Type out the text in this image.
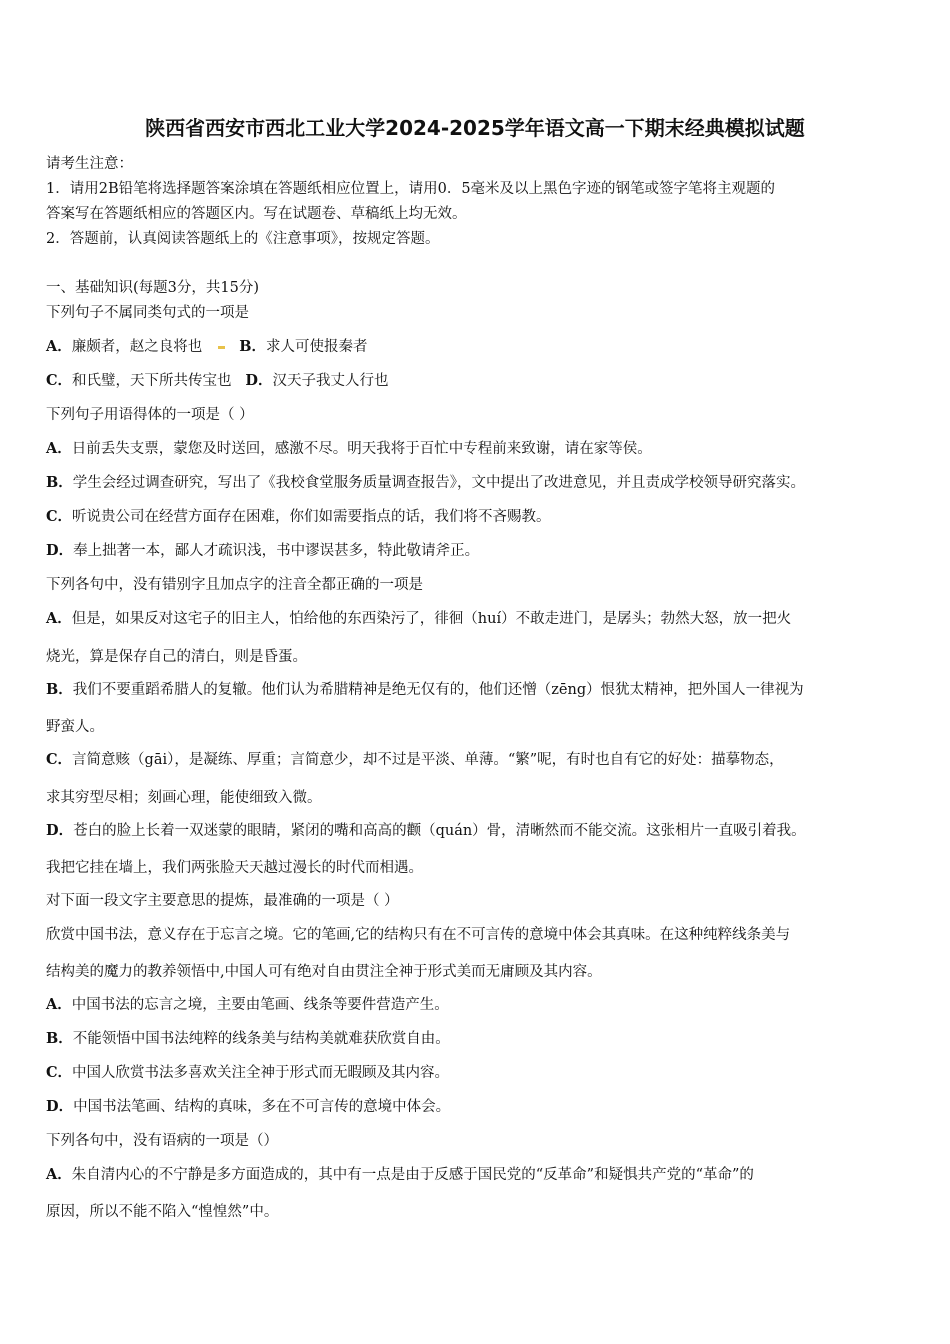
陕西省西安市西北工业大学2024-2025学年语文高一下期末经典模拟试题
请考生注意：
1．请用2B铅笔将选择题答案涂填在答题纸相应位置上，请用0．5毫米及以上黑色字迹的钢笔或签字笔将主观题的
答案写在答题纸相应的答题区内。写在试题卷、草稿纸上均无效。
2．答题前，认真阅读答题纸上的《注意事项》，按规定答题。
一、基础知识(每题3分，共15分)
下列句子不属同类句式的一项是
A．廉颇者，赵之良将也	B．求人可使报秦者
C．和氏璧，天下所共传宝也 D．汉天子我丈人行也
下列句子用语得体的一项是（ ）
A．日前丢失支票，蒙您及时送回，感激不尽。明天我将于百忙中专程前来致谢，请在家等侯。
B．学生会经过调查研究，写出了《我校食堂服务质量调查报告》，文中提出了改进意见，并且责成学校领导研究落实。
C．听说贵公司在经营方面存在困难，你们如需要指点的话，我们将不吝赐教。
D．奉上拙著一本，鄙人才疏识浅，书中谬误甚多，特此敬请斧正。
下列各句中，没有错别字且加点字的注音全都正确的一项是
A．但是，如果反对这宅子的旧主人，怕给他的东西染污了，徘徊（huí）不敢走进门，是孱头；勃然大怒，放一把火
烧光，算是保存自己的清白，则是昏蛋。
B．我们不要重蹈希腊人的复辙。他们认为希腊精神是绝无仅有的，他们还憎（zēng）恨犹太精神，把外国人一律视为
野蛮人。
C．言简意赅（gāi），是凝练、厚重；言简意少，却不过是平淡、单薄。“繁”呢，有时也自有它的好处：描摹物态，
求其穷型尽相；刻画心理，能使细致入微。
D．苍白的脸上长着一双迷蒙的眼睛，紧闭的嘴和高高的颧（quán）骨，清晰然而不能交流。这张相片一直吸引着我。
我把它挂在墙上，我们两张脸天天越过漫长的时代而相遇。
对下面一段文字主要意思的提炼，最准确的一项是（ ）
欣赏中国书法，意义存在于忘言之境。它的笔画,它的结构只有在不可言传的意境中体会其真味。在这种纯粹线条美与
结构美的魔力的教养领悟中,中国人可有绝对自由贯注全神于形式美而无庸顾及其内容。
A．中国书法的忘言之境，主要由笔画、线条等要件营造产生。
B．不能领悟中国书法纯粹的线条美与结构美就难获欣赏自由。
C．中国人欣赏书法多喜欢关注全神于形式而无暇顾及其内容。
D．中国书法笔画、结构的真味，多在不可言传的意境中体会。
下列各句中，没有语病的一项是（）
A．朱自清内心的不宁静是多方面造成的，其中有一点是由于反感于国民党的“反革命”和疑惧共产党的“革命”的
原因，所以不能不陷入“惶惶然”中。
